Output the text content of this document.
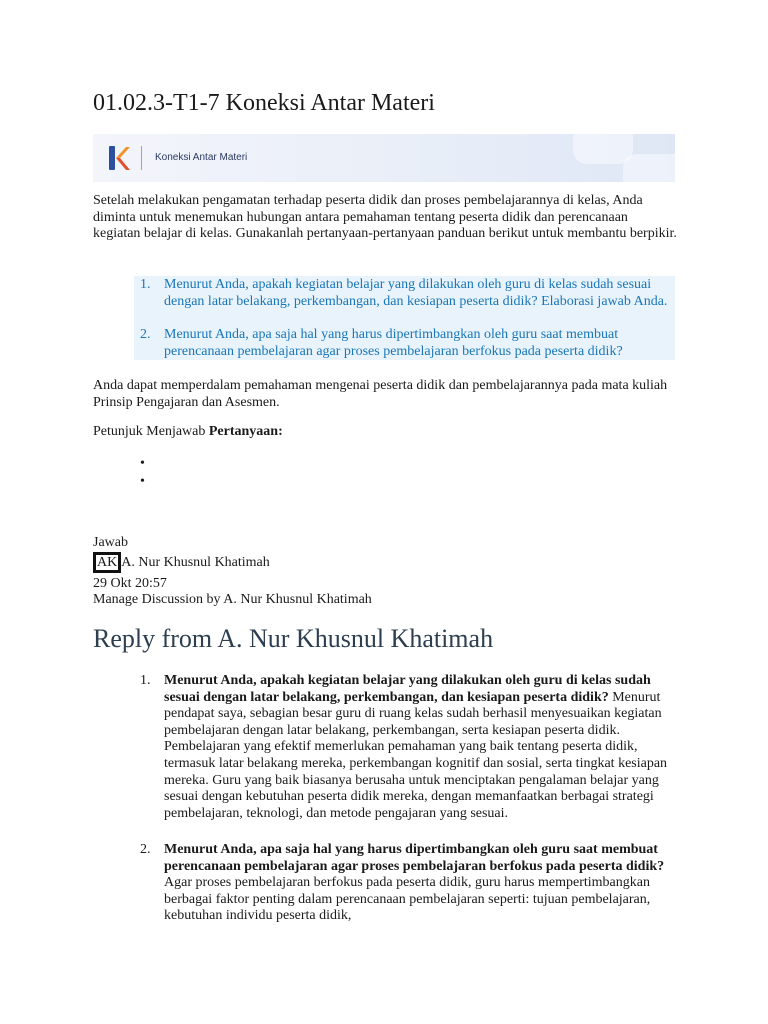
01.02.3-T1-7 Koneksi Antar Materi
Koneksi Antar Materi

Setelah melakukan pengamatan terhadap peserta didik dan proses pembelajarannya di kelas, Anda diminta untuk menemukan hubungan antara pemahaman tentang peserta didik dan perencanaan kegiatan belajar di kelas. Gunakanlah pertanyaan-pertanyaan panduan berikut untuk membantu berpikir.

1. Menurut Anda, apakah kegiatan belajar yang dilakukan oleh guru di kelas sudah sesuai dengan latar belakang, perkembangan, dan kesiapan peserta didik? Elaborasi jawab Anda.
2. Menurut Anda, apa saja hal yang harus dipertimbangkan oleh guru saat membuat perencanaan pembelajaran agar proses pembelajaran berfokus pada peserta didik?

Anda dapat memperdalam pemahaman mengenai peserta didik dan pembelajarannya pada mata kuliah Prinsip Pengajaran dan Asesmen.

Petunjuk Menjawab Pertanyaan:

•
•

Jawab

AK A. Nur Khusnul Khatimah

29 Okt 20:57

Manage Discussion by A. Nur Khusnul Khatimah

Reply from A. Nur Khusnul Khatimah
1. Menurut Anda, apakah kegiatan belajar yang dilakukan oleh guru di kelas sudah sesuai dengan latar belakang, perkembangan, dan kesiapan peserta didik? Menurut pendapat saya, sebagian besar guru di ruang kelas sudah berhasil menyesuaikan kegiatan pembelajaran dengan latar belakang, perkembangan, serta kesiapan peserta didik. Pembelajaran yang efektif memerlukan pemahaman yang baik tentang peserta didik, termasuk latar belakang mereka, perkembangan kognitif dan sosial, serta tingkat kesiapan mereka. Guru yang baik biasanya berusaha untuk menciptakan pengalaman belajar yang sesuai dengan kebutuhan peserta didik mereka, dengan memanfaatkan berbagai strategi pembelajaran, teknologi, dan metode pengajaran yang sesuai.
2. Menurut Anda, apa saja hal yang harus dipertimbangkan oleh guru saat membuat perencanaan pembelajaran agar proses pembelajaran berfokus pada peserta didik? Agar proses pembelajaran berfokus pada peserta didik, guru harus mempertimbangkan berbagai faktor penting dalam perencanaan pembelajaran seperti: tujuan pembelajaran, kebutuhan individu peserta didik,
